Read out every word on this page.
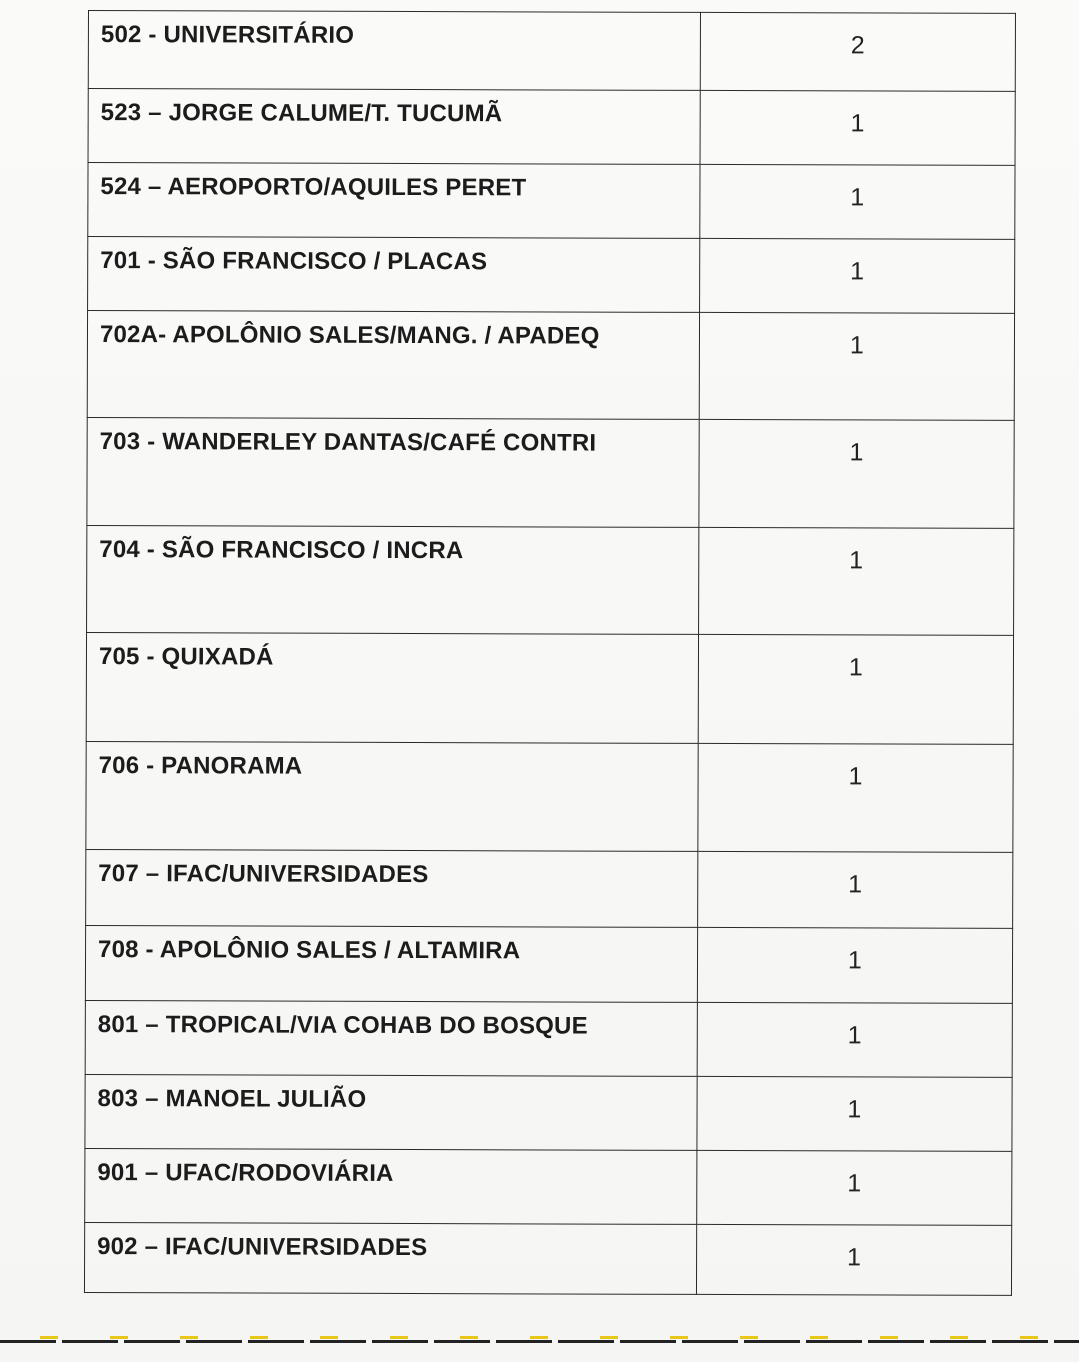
502 - UNIVERSITÁRIO	2
523 – JORGE CALUME/T. TUCUMÃ	1
524 – AEROPORTO/AQUILES PERET	1
701 - SÃO FRANCISCO / PLACAS	1
702A- APOLÔNIO SALES/MANG. / APADEQ	1
703 - WANDERLEY DANTAS/CAFÉ CONTRI	1
704 - SÃO FRANCISCO / INCRA	1
705 - QUIXADÁ	1
706 - PANORAMA	1
707 – IFAC/UNIVERSIDADES	1
708 - APOLÔNIO SALES / ALTAMIRA	1
801 – TROPICAL/VIA COHAB DO BOSQUE	1
803 – MANOEL JULIÃO	1
901 – UFAC/RODOVIÁRIA	1
902 – IFAC/UNIVERSIDADES	1
